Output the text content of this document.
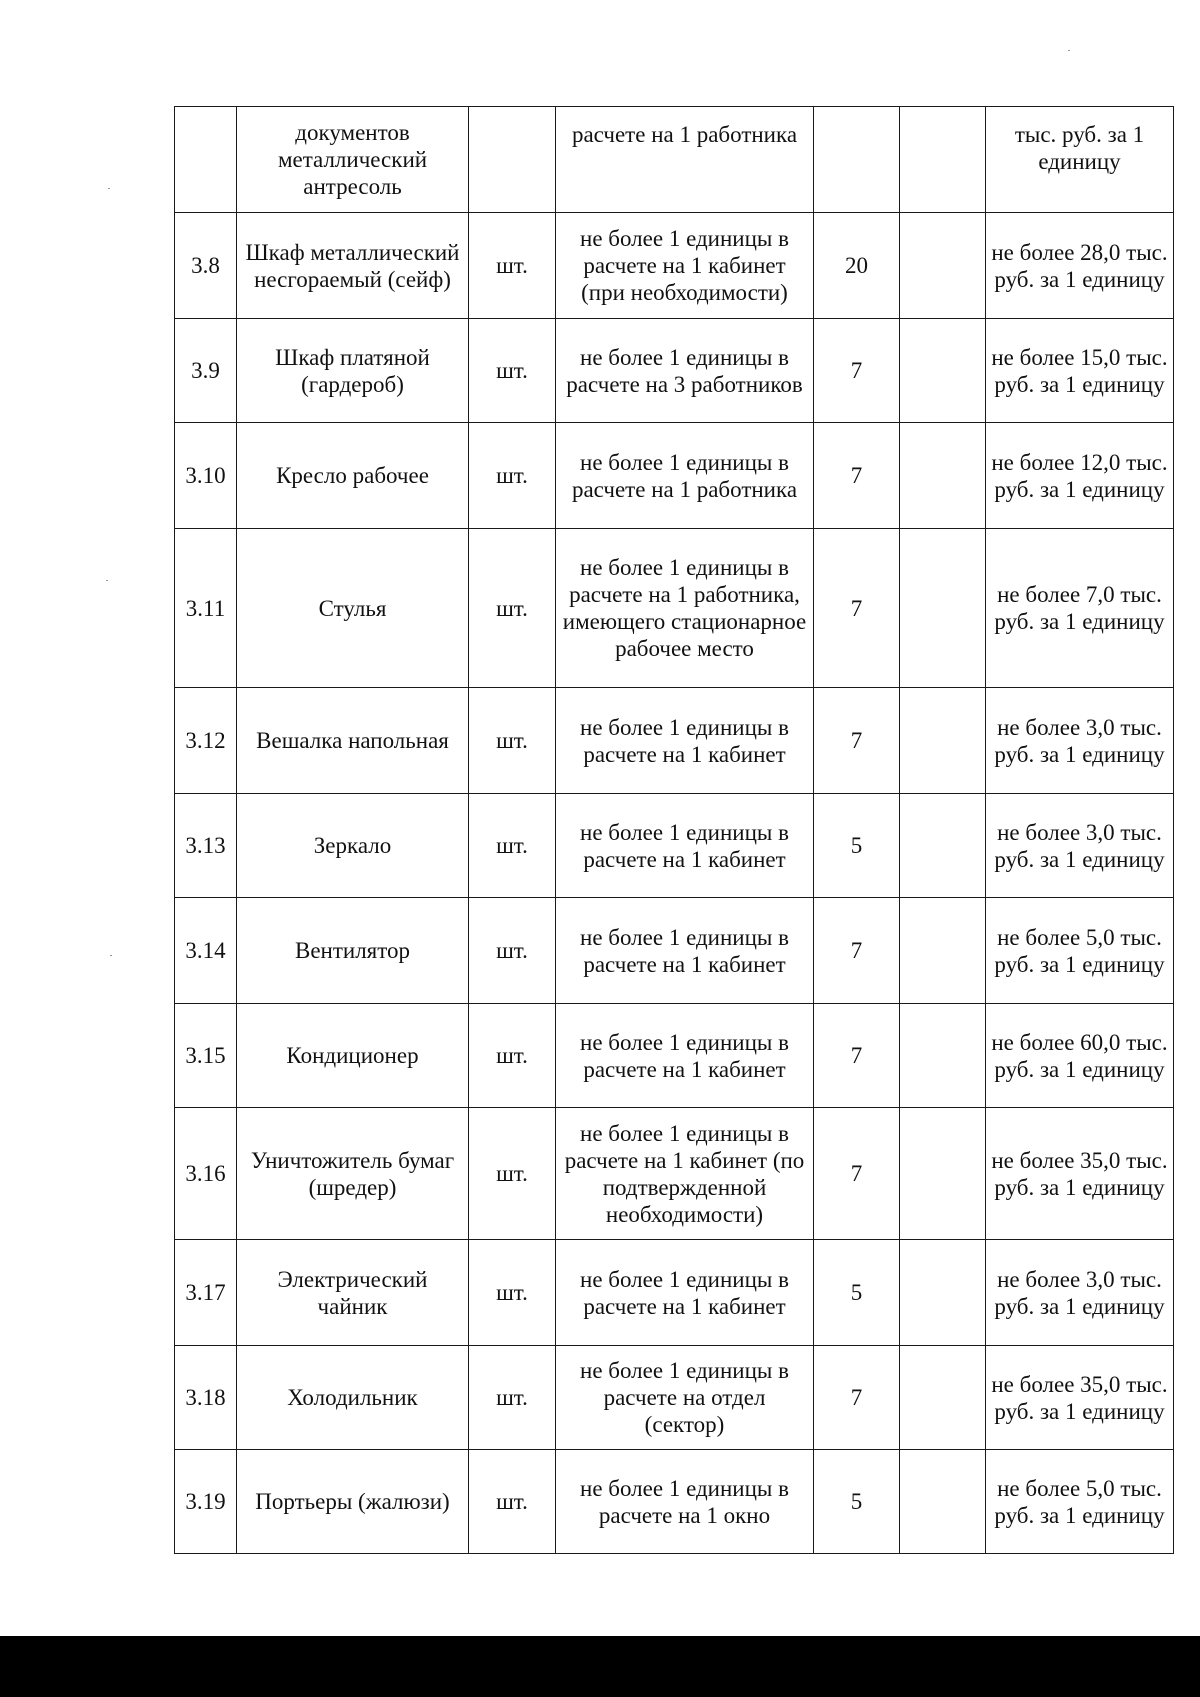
	документов металлический антресоль		расчете на 1 работника			тыс. руб. за 1 единицу
3.8	Шкаф металлический несгораемый (сейф)	шт.	не более 1 единицы в расчете на 1 кабинет (при необходимости)	20		не более 28,0 тыс. руб. за 1 единицу
3.9	Шкаф платяной (гардероб)	шт.	не более 1 единицы в расчете на 3 работников	7		не более 15,0 тыс. руб. за 1 единицу
3.10	Кресло рабочее	шт.	не более 1 единицы в расчете на 1 работника	7		не более 12,0 тыс. руб. за 1 единицу
3.11	Стулья	шт.	не более 1 единицы в расчете на 1 работника, имеющего стационарное рабочее место	7		не более 7,0 тыс. руб. за 1 единицу
3.12	Вешалка напольная	шт.	не более 1 единицы в расчете на 1 кабинет	7		не более 3,0 тыс. руб. за 1 единицу
3.13	Зеркало	шт.	не более 1 единицы в расчете на 1 кабинет	5		не более 3,0 тыс. руб. за 1 единицу
3.14	Вентилятор	шт.	не более 1 единицы в расчете на 1 кабинет	7		не более 5,0 тыс. руб. за 1 единицу
3.15	Кондиционер	шт.	не более 1 единицы в расчете на 1 кабинет	7		не более 60,0 тыс. руб. за 1 единицу
3.16	Уничтожитель бумаг (шредер)	шт.	не более 1 единицы в расчете на 1 кабинет (по подтвержденной необходимости)	7		не более 35,0 тыс. руб. за 1 единицу
3.17	Электрический чайник	шт.	не более 1 единицы в расчете на 1 кабинет	5		не более 3,0 тыс. руб. за 1 единицу
3.18	Холодильник	шт.	не более 1 единицы в расчете на отдел (сектор)	7		не более 35,0 тыс. руб. за 1 единицу
3.19	Портьеры (жалюзи)	шт.	не более 1 единицы в расчете на 1 окно	5		не более 5,0 тыс. руб. за 1 единицу
